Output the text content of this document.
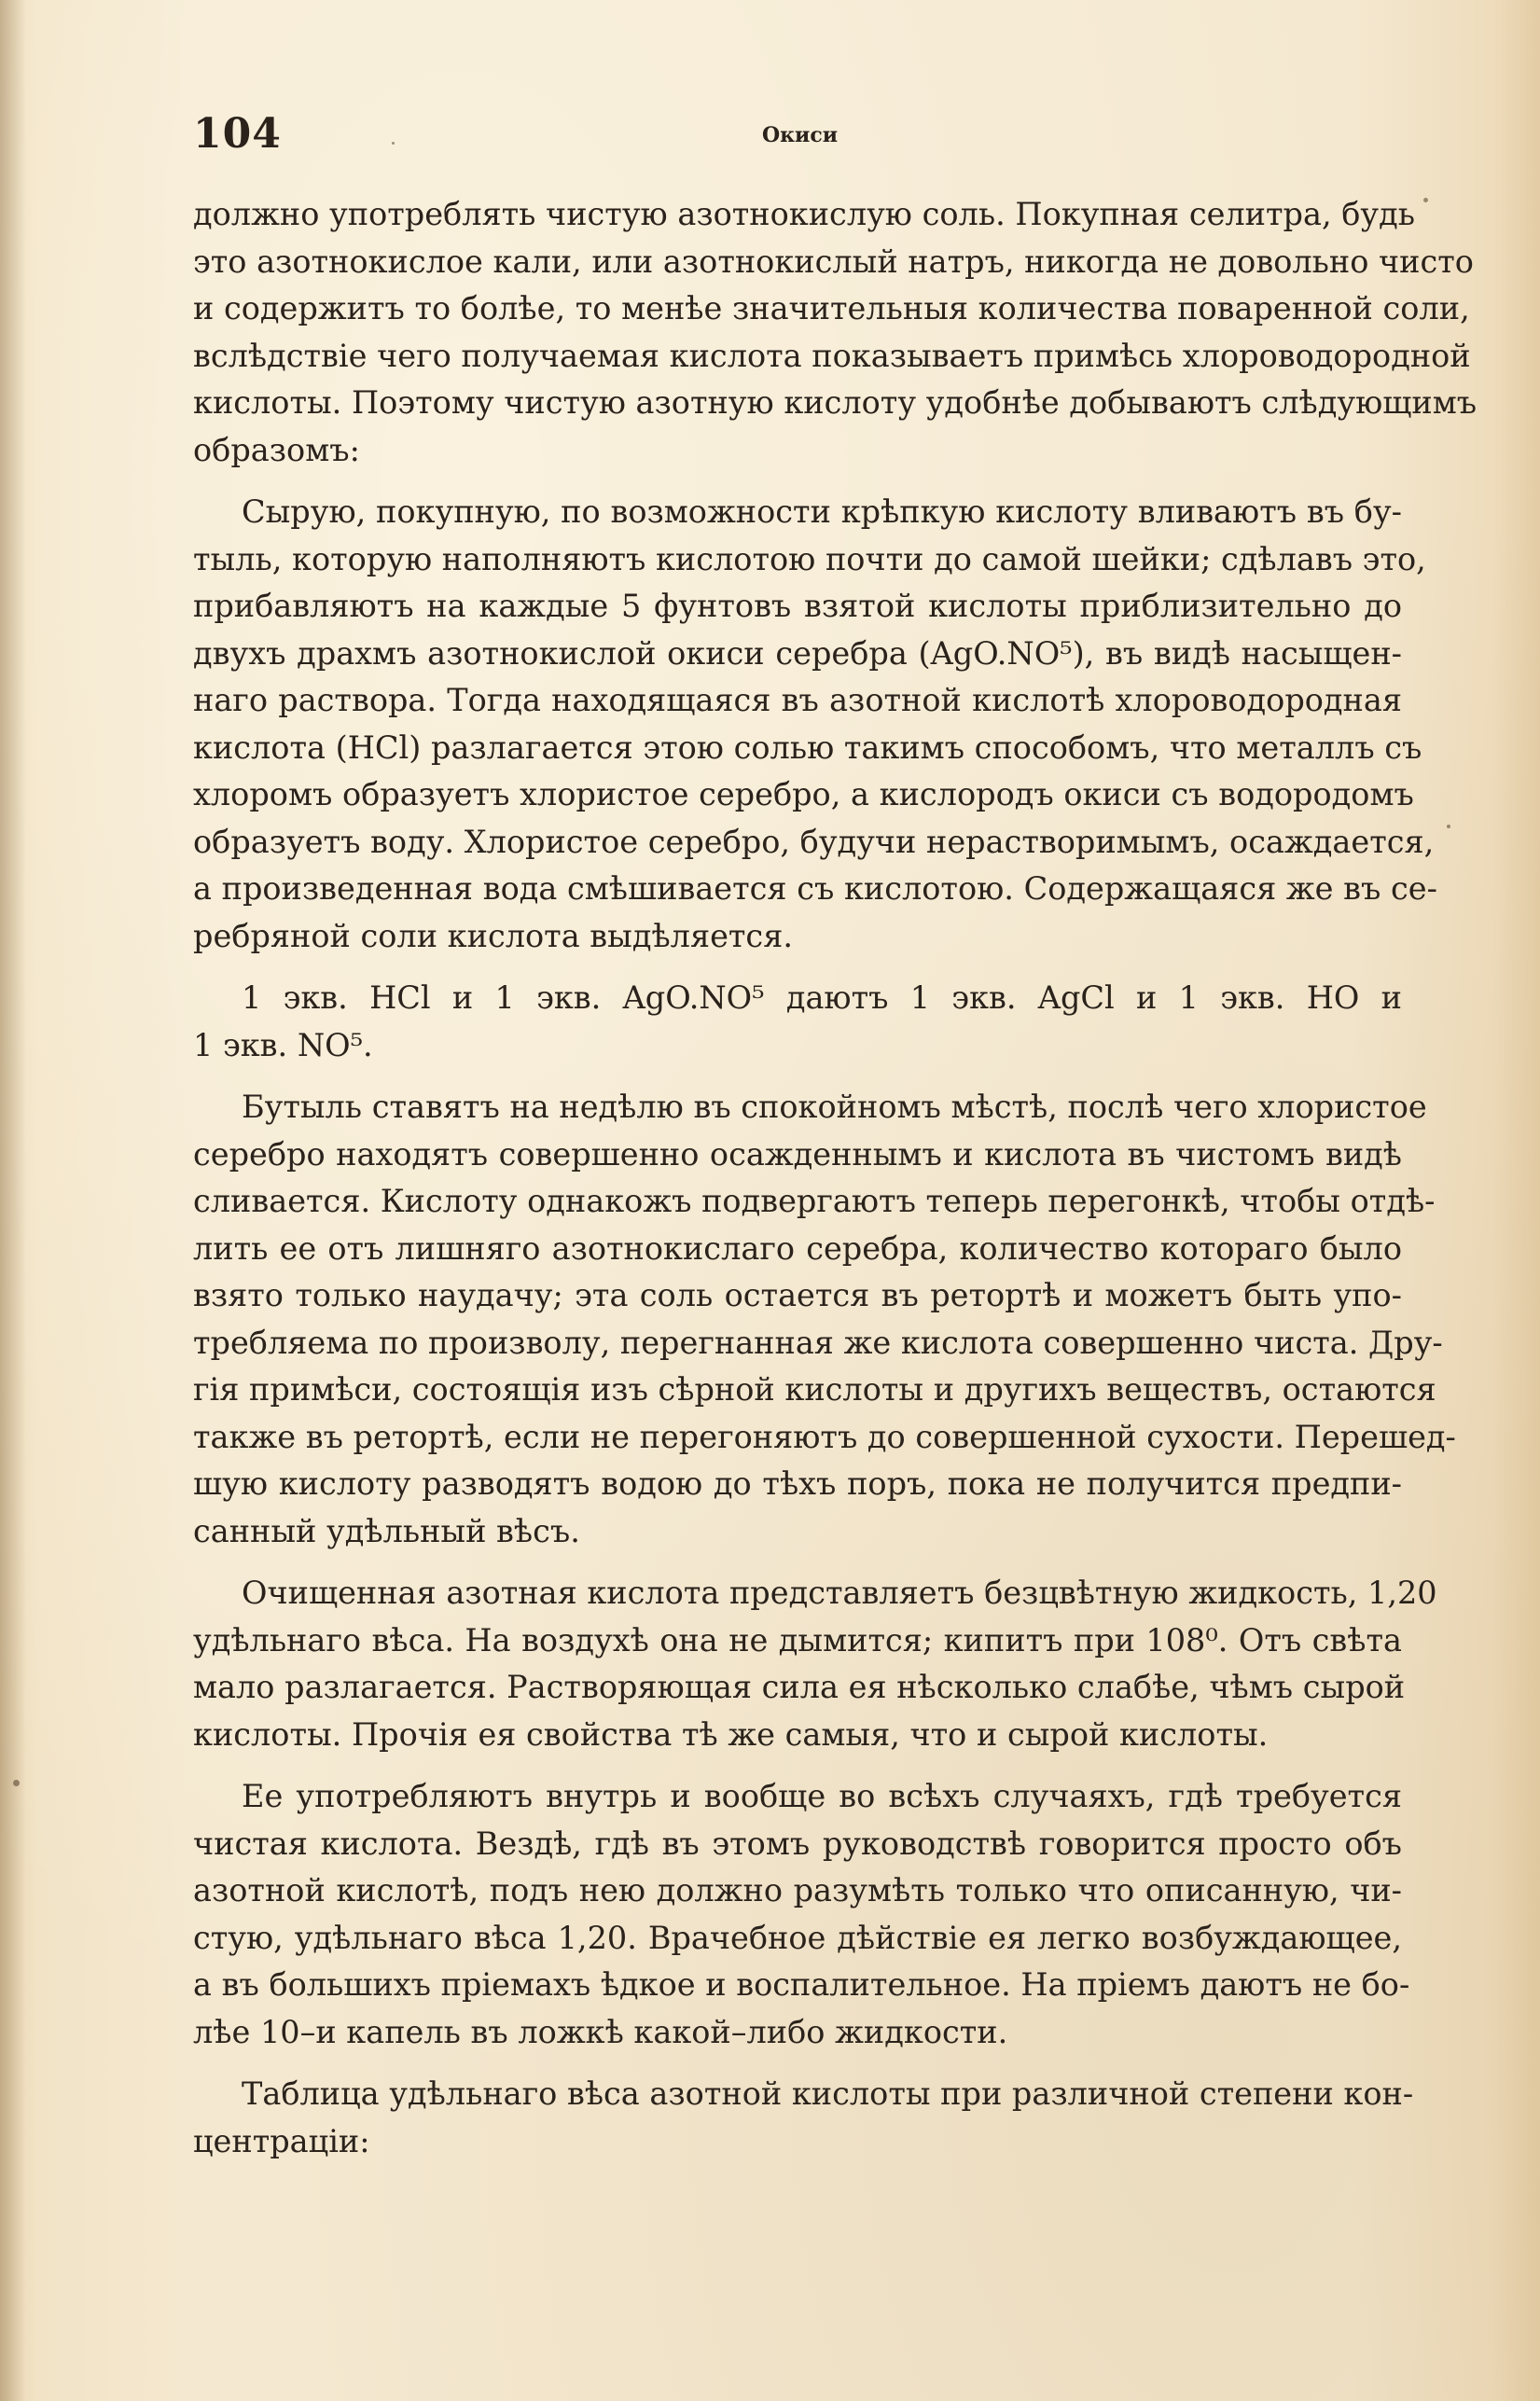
104	Окиси

должно употреблять чистую азотнокислую соль. Покупная селитра, будь
это азотнокислое кали, или азотнокислый натръ, никогда не довольно чисто
и содержитъ то болѣе, то менѣе значительныя количества поваренной соли,
вслѣдствіе чего получаемая кислота показываетъ примѣсь хлороводородной
кислоты. Поэтому чистую азотную кислоту удобнѣе добываютъ слѣдующимъ
образомъ:

Сырую, покупную, по возможности крѣпкую кислоту вливаютъ въ бу-
тыль, которую наполняютъ кислотою почти до самой шейки; сдѣлавъ это,
прибавляютъ на каждые 5 фунтовъ взятой кислоты приблизительно до
двухъ драхмъ азотнокислой окиси серебра (AgO.NO⁵), въ видѣ насыщен-
наго раствора. Тогда находящаяся въ азотной кислотѣ хлороводородная
кислота (HCl) разлагается этою солью такимъ способомъ, что металлъ съ
хлоромъ образуетъ хлористое серебро, а кислородъ окиси съ водородомъ
образуетъ воду. Хлористое серебро, будучи нерастворимымъ, осаждается,
а произведенная вода смѣшивается съ кислотою. Содержащаяся же въ се-
ребряной соли кислота выдѣляется.

1 экв. HCl и 1 экв. AgO.NO⁵ даютъ 1 экв. AgCl и 1 экв. HO и
1 экв. NO⁵.

Бутыль ставятъ на недѣлю въ спокойномъ мѣстѣ, послѣ чего хлористое
серебро находятъ совершенно осажденнымъ и кислота въ чистомъ видѣ
сливается. Кислоту однакожъ подвергаютъ теперь перегонкѣ, чтобы отдѣ-
лить ее отъ лишняго азотнокислаго серебра, количество котораго было
взято только наудачу; эта соль остается въ ретортѣ и можетъ быть упо-
требляема по произволу, перегнанная же кислота совершенно чиста. Дру-
гія примѣси, состоящія изъ сѣрной кислоты и другихъ веществъ, остаются
также въ ретортѣ, если не перегоняютъ до совершенной сухости. Перешед-
шую кислоту разводятъ водою до тѣхъ поръ, пока не получится предпи-
санный удѣльный вѣсъ.

Очищенная азотная кислота представляетъ безцвѣтную жидкость, 1,20
удѣльнаго вѣса. На воздухѣ она не дымится; кипитъ при 108⁰. Отъ свѣта
мало разлагается. Растворяющая сила ея нѣсколько слабѣе, чѣмъ сырой
кислоты. Прочія ея свойства тѣ же самыя, что и сырой кислоты.

Ее употребляютъ внутрь и вообще во всѣхъ случаяхъ, гдѣ требуется
чистая кислота. Вездѣ, гдѣ въ этомъ руководствѣ говорится просто объ
азотной кислотѣ, подъ нею должно разумѣть только что описанную, чи-
стую, удѣльнаго вѣса 1,20. Врачебное дѣйствіе ея легко возбуждающее,
а въ большихъ пріемахъ ѣдкое и воспалительное. На пріемъ даютъ не бо-
лѣе 10–и капель въ ложкѣ какой–либо жидкости.

Таблица удѣльнаго вѣса азотной кислоты при различной степени кон-
центраціи:
